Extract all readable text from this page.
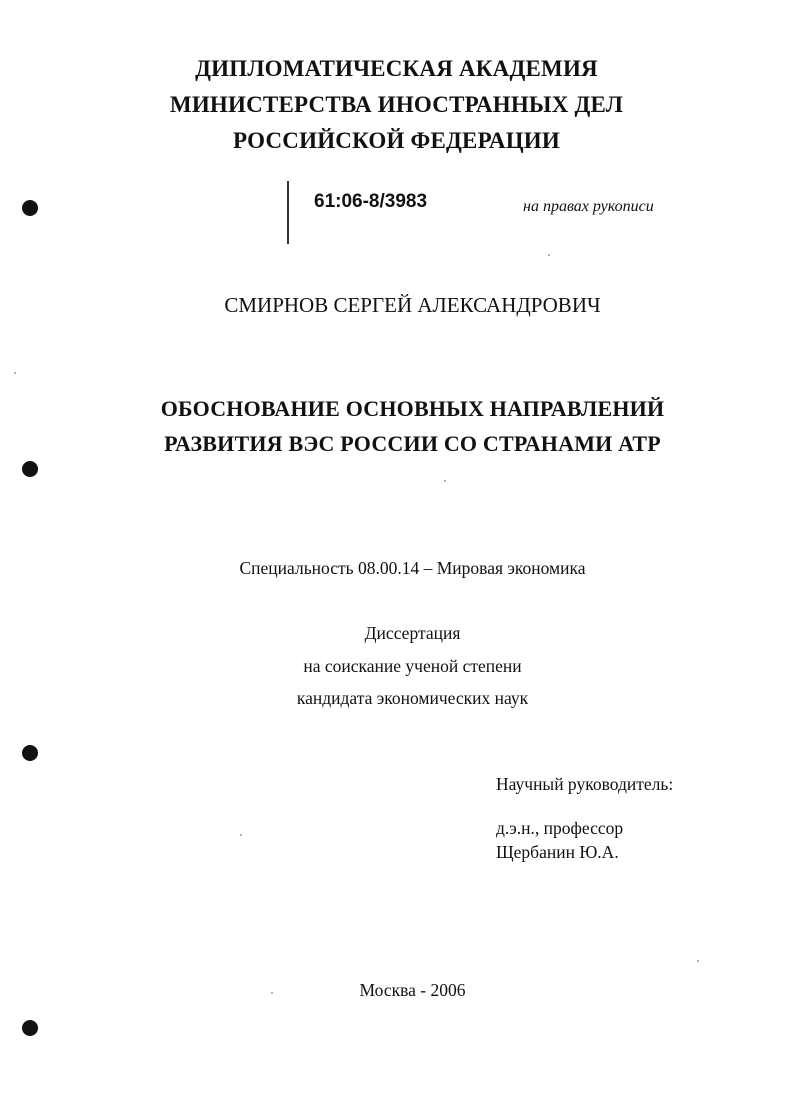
ДИПЛОМАТИЧЕСКАЯ АКАДЕМИЯ
МИНИСТЕРСТВА ИНОСТРАННЫХ ДЕЛ
РОССИЙСКОЙ ФЕДЕРАЦИИ
61:06-8/3983	на правах рукописи
СМИРНОВ СЕРГЕЙ АЛЕКСАНДРОВИЧ
ОБОСНОВАНИЕ ОСНОВНЫХ НАПРАВЛЕНИЙ
РАЗВИТИЯ ВЭС РОССИИ СО СТРАНАМИ АТР
Специальность 08.00.14 – Мировая экономика
Диссертация
на соискание ученой степени
кандидата экономических наук
Научный руководитель:
д.э.н., профессор
Щербанин Ю.А.
Москва - 2006
